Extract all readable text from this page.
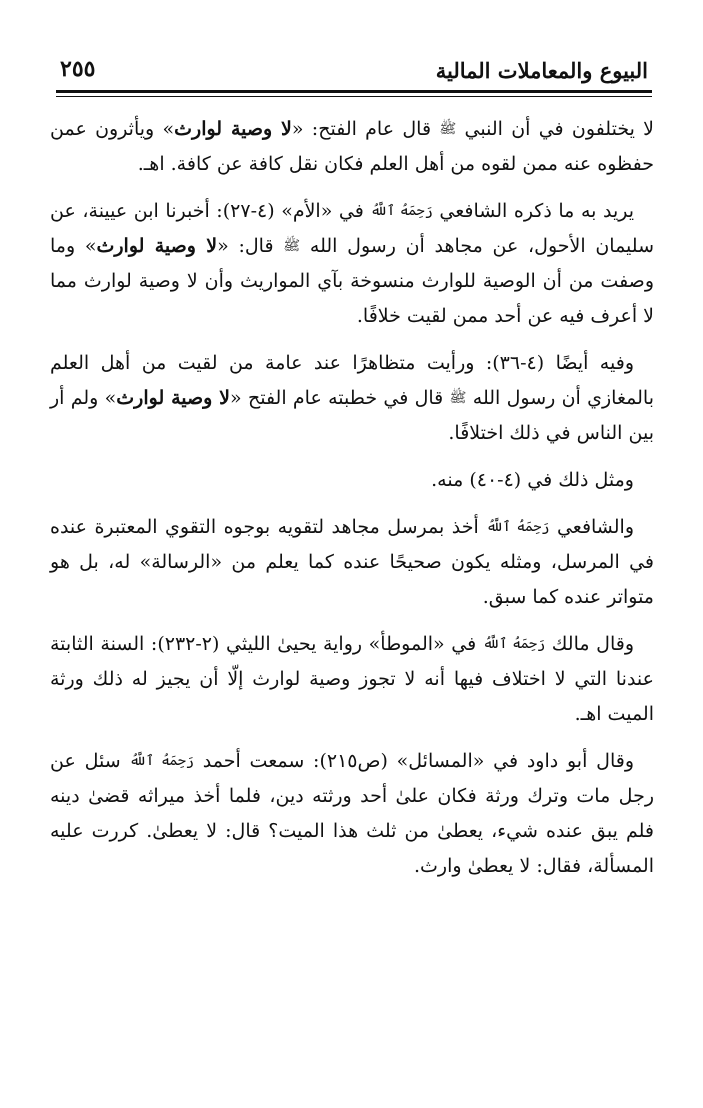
البيوع والمعاملات المالية
٢٥٥

لا يختلفون في أن النبي ﷺ قال عام الفتح: «لا وصية لوارث» ويأثرون عمن حفظوه عنه ممن لقوه من أهل العلم فكان نقل كافة عن كافة. اهـ.

يريد به ما ذكره الشافعي رَحِمَهُ ٱللَّهُ في «الأم» (٤-٢٧): أخبرنا ابن عيينة، عن سليمان الأحول، عن مجاهد أن رسول الله ﷺ قال: «لا وصية لوارث» وما وصفت من أن الوصية للوارث منسوخة بآي المواريث وأن لا وصية لوارث مما لا أعرف فيه عن أحد ممن لقيت خلافًا.

وفيه أيضًا (٤-٣٦): ورأيت متظاهرًا عند عامة من لقيت من أهل العلم بالمغازي أن رسول الله ﷺ قال في خطبته عام الفتح «لا وصية لوارث» ولم أر بين الناس في ذلك اختلافًا.

ومثل ذلك في (٤-٤٠) منه.

والشافعي رَحِمَهُ ٱللَّهُ أخذ بمرسل مجاهد لتقويه بوجوه التقوي المعتبرة عنده في المرسل، ومثله يكون صحيحًا عنده كما يعلم من «الرسالة» له، بل هو متواتر عنده كما سبق.

وقال مالك رَحِمَهُ ٱللَّهُ في «الموطأ» رواية يحيىٰ الليثي (٢-٢٣٢): السنة الثابتة عندنا التي لا اختلاف فيها أنه لا تجوز وصية لوارث إلّا أن يجيز له ذلك ورثة الميت اهـ.

وقال أبو داود في «المسائل» (ص٢١٥): سمعت أحمد رَحِمَهُ ٱللَّهُ سئل عن رجل مات وترك ورثة فكان علىٰ أحد ورثته دين، فلما أخذ ميراثه قضىٰ دينه فلم يبق عنده شيء، يعطىٰ من ثلث هذا الميت؟ قال: لا يعطىٰ. كررت عليه المسألة، فقال: لا يعطىٰ وارث.
